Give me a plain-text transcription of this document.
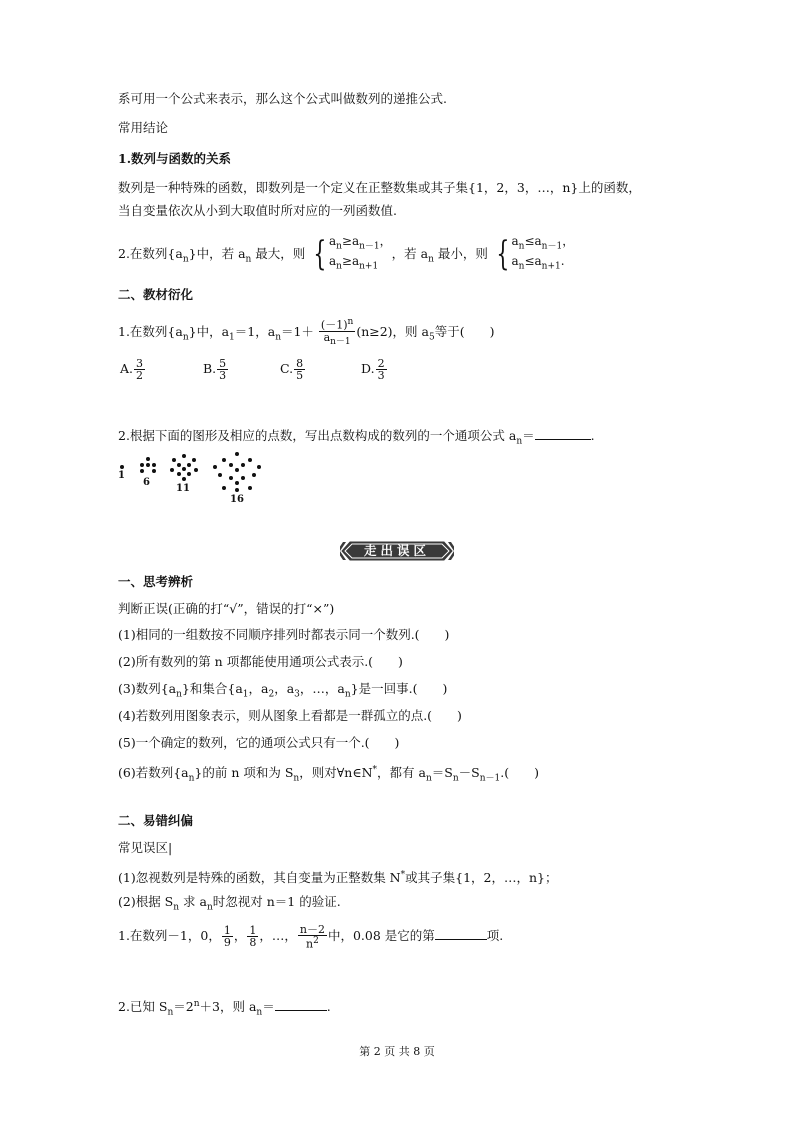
系可用一个公式来表示，那么这个公式叫做数列的递推公式.
常用结论
1.数列与函数的关系
数列是一种特殊的函数，即数列是一个定义在正整数集或其子集{1，2，3，…，n}上的函数，
当自变量依次从小到大取值时所对应的一列函数值.
2.在数列$\{a_n\}$中，若 $a_n$ 最大，则 { $a_n\ge a_{n-1}$，
$a_n\ge a_{n+1}$
，若 $a_n$ 最小，则 { $a_n\le a_{n-1}$，
$a_n\le a_{n+1}$.
二、教材衍化
1.在数列$\{a_n\}$中，$a_1=1$，$a_n=1+ \frac{(-1)^n}{a_{n-1}} (n\ge 2)$，则 $a_5$等于(　　)
A. $\frac{3}{2}$	B. $\frac{5}{3}$	C. $\frac{8}{5}$	D. $\frac{2}{3}$
2.根据下面的图形及相应的点数，写出点数构成的数列的一个通项公式 $a_n=$	.
1
6
11
16
走出误区
一、思考辨析
判断正误(正确的打“√”，错误的打“×”)
(1)相同的一组数按不同顺序排列时都表示同一个数列.(　　)
(2)所有数列的第 n 项都能使用通项公式表示.(　　)
(3)数列$\{a_n\}$和集合{$a_1$，$a_2$，$a_3$，…，$a_n$}是一回事.(　　)
(4)若数列用图象表示，则从图象上看都是一群孤立的点.(　　)
(5)一个确定的数列，它的通项公式只有一个.(　　)
(6)若数列$\{a_n\}$的前 n 项和为 $S_n$，则对∀n∈N*，都有 $a_n=S_n-S_{n-1}$.(　　)
二、易错纠偏
常见误区|
(1)忽视数列是特殊的函数，其自变量为正整数集 N*或其子集{1，2，…，n}；
(2)根据 $S_n$ 求 $a_n$时忽视对 n＝1 的验证.
1.在数列－1，0， $\frac{1}{9}$ ， $\frac{1}{8}$ ，…， $\frac{n-2}{n^2}$ 中，0.08 是它的第	项.
2.已知 $S_n=2^n+3$，则 $a_n=$	.
第 2 页 共 8 页
